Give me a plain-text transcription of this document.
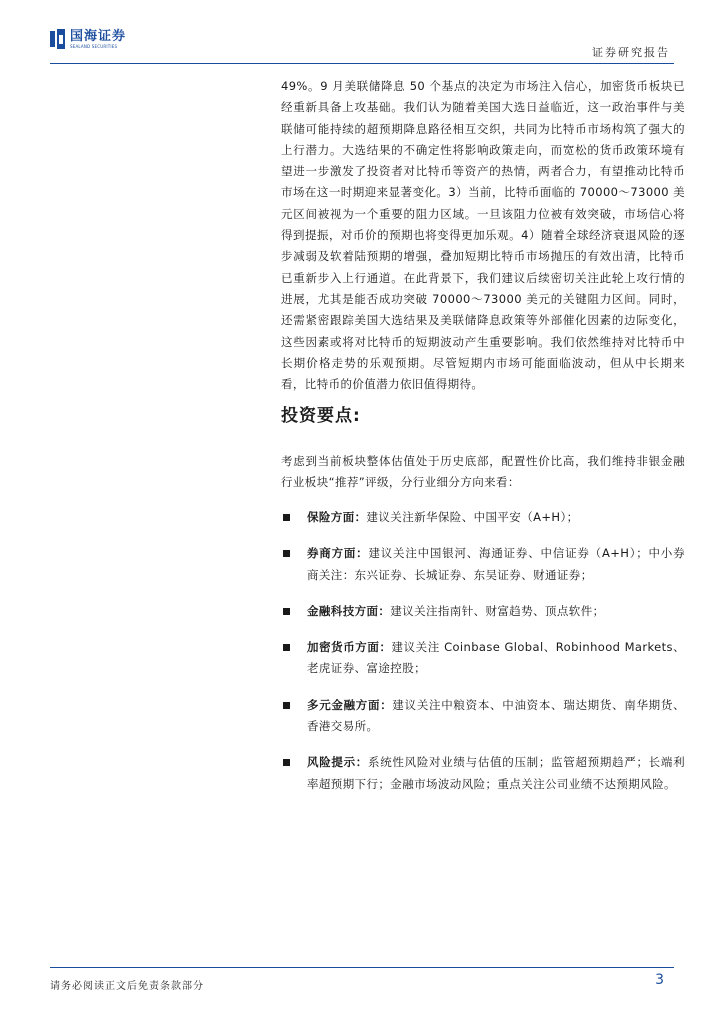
国海证券
SEALAND SECURITIES	证券研究报告

49%。9 月美联储降息 50 个基点的决定为市场注入信心，加密货币板块已经重新具备上攻基础。我们认为随着美国大选日益临近，这一政治事件与美联储可能持续的超预期降息路径相互交织，共同为比特币市场构筑了强大的上行潜力。大选结果的不确定性将影响政策走向，而宽松的货币政策环境有望进一步激发了投资者对比特币等资产的热情，两者合力，有望推动比特币市场在这一时期迎来显著变化。3）当前，比特币面临的 70000～73000 美元区间被视为一个重要的阻力区域。一旦该阻力位被有效突破，市场信心将得到提振，对币价的预期也将变得更加乐观。4）随着全球经济衰退风险的逐步减弱及软着陆预期的增强，叠加短期比特币市场抛压的有效出清，比特币已重新步入上行通道。在此背景下，我们建议后续密切关注此轮上攻行情的进展，尤其是能否成功突破 70000～73000 美元的关键阻力区间。同时，还需紧密跟踪美国大选结果及美联储降息政策等外部催化因素的边际变化，这些因素或将对比特币的短期波动产生重要影响。我们依然维持对比特币中长期价格走势的乐观预期。尽管短期内市场可能面临波动，但从中长期来看，比特币的价值潜力依旧值得期待。

投资要点:

考虑到当前板块整体估值处于历史底部，配置性价比高，我们维持非银金融行业板块“推荐”评级，分行业细分方向来看：

保险方面：建议关注新华保险、中国平安（A+H）；
券商方面：建议关注中国银河、海通证券、中信证券（A+H）；中小券商关注：东兴证券、长城证券、东吴证券、财通证券；
金融科技方面：建议关注指南针、财富趋势、顶点软件；
加密货币方面：建议关注 Coinbase Global、Robinhood Markets、老虎证券、富途控股；
多元金融方面：建议关注中粮资本、中油资本、瑞达期货、南华期货、香港交易所。
风险提示：系统性风险对业绩与估值的压制；监管超预期趋严；长端利率超预期下行；金融市场波动风险；重点关注公司业绩不达预期风险。
请务必阅读正文后免责条款部分	3
